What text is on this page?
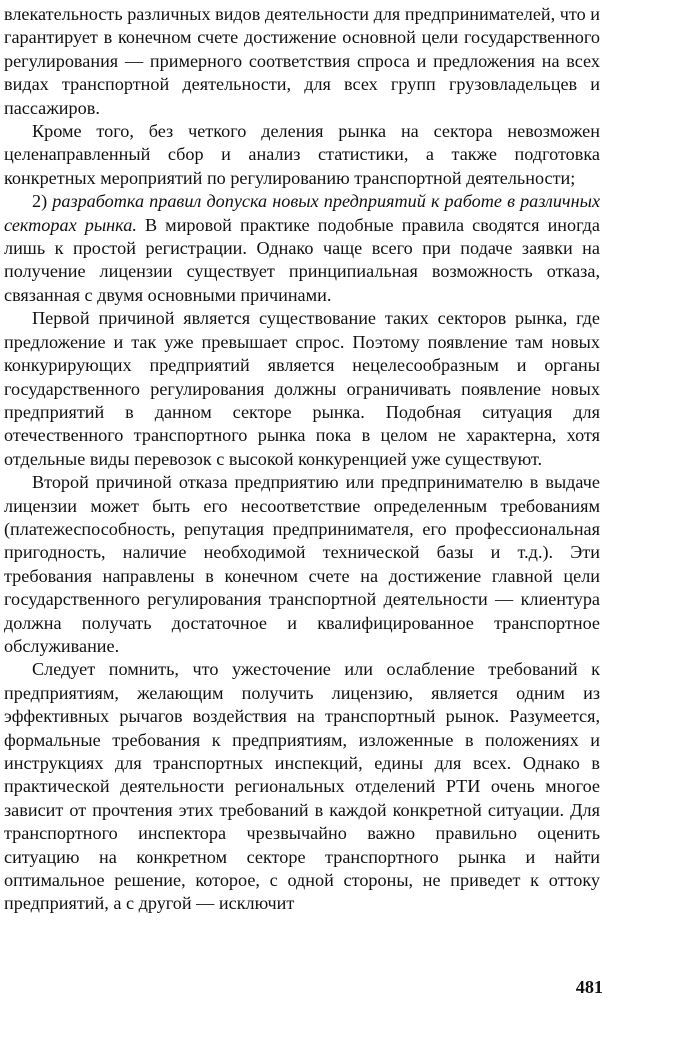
влекательность различных видов деятельности для предпринимателей, что и гарантирует в конечном счете достижение основной цели государственного регулирования — примерного соответствия спроса и предложения на всех видах транспортной деятельности, для всех групп грузовладельцев и пассажиров.

Кроме того, без четкого деления рынка на сектора невозможен целенаправленный сбор и анализ статистики, а также подготовка конкретных мероприятий по регулированию транспортной деятельности;

2) разработка правил допуска новых предприятий к работе в различных секторах рынка. В мировой практике подобные правила сводятся иногда лишь к простой регистрации. Однако чаще всего при подаче заявки на получение лицензии существует принципиальная возможность отказа, связанная с двумя основными причинами.

Первой причиной является существование таких секторов рынка, где предложение и так уже превышает спрос. Поэтому появление там новых конкурирующих предприятий является нецелесообразным и органы государственного регулирования должны ограничивать появление новых предприятий в данном секторе рынка. Подобная ситуация для отечественного транспортного рынка пока в целом не характерна, хотя отдельные виды перевозок с высокой конкуренцией уже существуют.

Второй причиной отказа предприятию или предпринимателю в выдаче лицензии может быть его несоответствие определенным требованиям (платежеспособность, репутация предпринимателя, его профессиональная пригодность, наличие необходимой технической базы и т.д.). Эти требования направлены в конечном счете на достижение главной цели государственного регулирования транспортной деятельности — клиентура должна получать достаточное и квалифицированное транспортное обслуживание.

Следует помнить, что ужесточение или ослабление требований к предприятиям, желающим получить лицензию, является одним из эффективных рычагов воздействия на транспортный рынок. Разумеется, формальные требования к предприятиям, изложенные в положениях и инструкциях для транспортных инспекций, едины для всех. Однако в практической деятельности региональных отделений РТИ очень многое зависит от прочтения этих требований в каждой конкретной ситуации. Для транспортного инспектора чрезвычайно важно правильно оценить ситуацию на конкретном секторе транспортного рынка и найти оптимальное решение, которое, с одной стороны, не приведет к оттоку предприятий, а с другой — исключит

481
